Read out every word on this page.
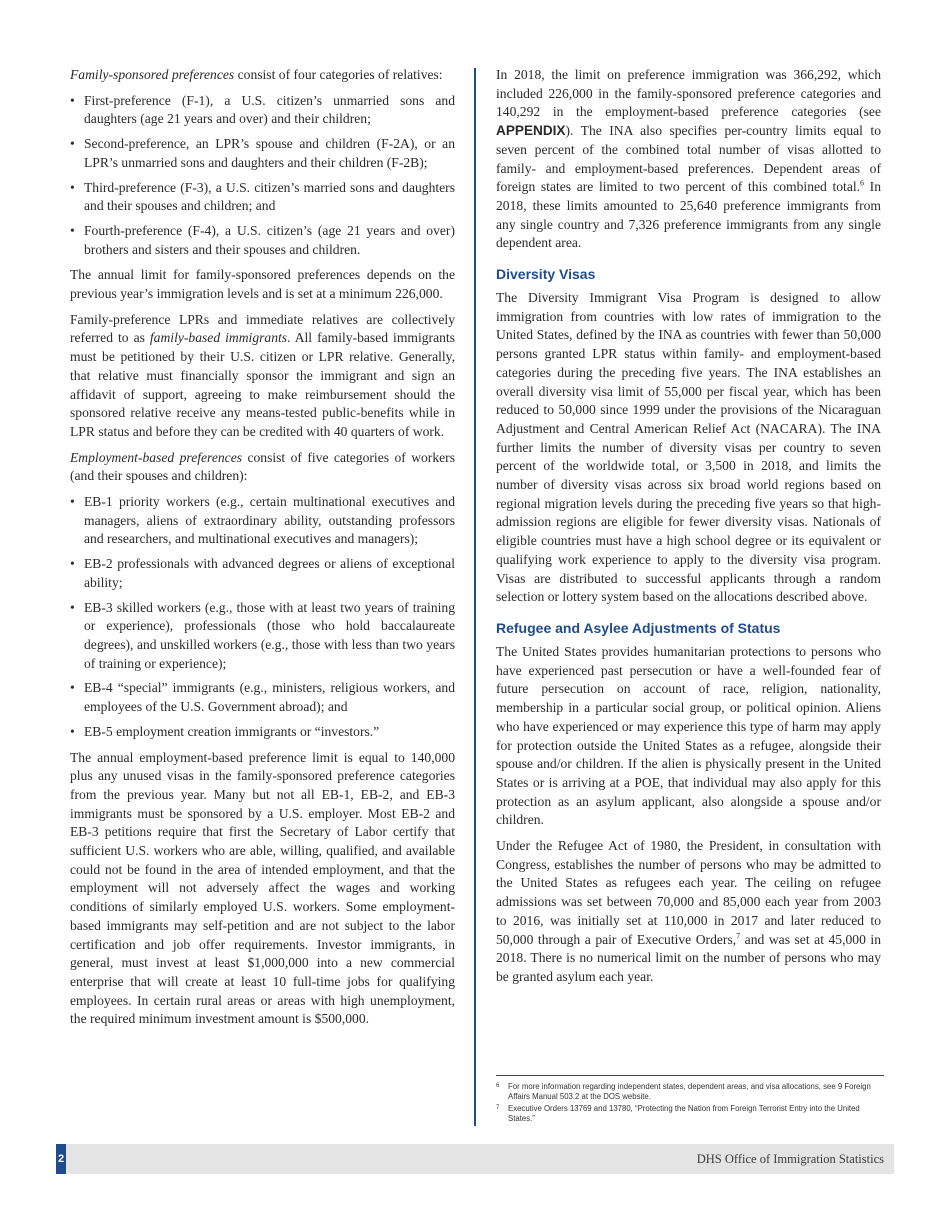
Family-sponsored preferences consist of four categories of relatives:

• First-preference (F-1), a U.S. citizen’s unmarried sons and daughters (age 21 years and over) and their children;
• Second-preference, an LPR’s spouse and children (F-2A), or an LPR’s unmarried sons and daughters and their children (F-2B);
• Third-preference (F-3), a U.S. citizen’s married sons and daughters and their spouses and children; and
• Fourth-preference (F-4), a U.S. citizen’s (age 21 years and over) brothers and sisters and their spouses and children.

The annual limit for family-sponsored preferences depends on the previous year’s immigration levels and is set at a minimum 226,000.

Family-preference LPRs and immediate relatives are collectively referred to as family-based immigrants. All family-based immigrants must be petitioned by their U.S. citizen or LPR relative. Generally, that relative must financially sponsor the immigrant and sign an affidavit of support, agreeing to make reimbursement should the sponsored relative receive any means-tested public-benefits while in LPR status and before they can be credited with 40 quarters of work.

Employment-based preferences consist of five categories of workers (and their spouses and children):

• EB-1 priority workers (e.g., certain multinational executives and managers, aliens of extraordinary ability, outstanding professors and researchers, and multinational executives and managers);
• EB-2 professionals with advanced degrees or aliens of exceptional ability;
• EB-3 skilled workers (e.g., those with at least two years of training or experience), professionals (those who hold baccalaureate degrees), and unskilled workers (e.g., those with less than two years of training or experience);
• EB-4 “special” immigrants (e.g., ministers, religious workers, and employees of the U.S. Government abroad); and
• EB-5 employment creation immigrants or “investors.”

The annual employment-based preference limit is equal to 140,000 plus any unused visas in the family-sponsored preference categories from the previous year. Many but not all EB-1, EB-2, and EB-3 immigrants must be sponsored by a U.S. employer. Most EB-2 and EB-3 petitions require that first the Secretary of Labor certify that sufficient U.S. workers who are able, willing, qualified, and available could not be found in the area of intended employment, and that the employment will not adversely affect the wages and working conditions of similarly employed U.S. workers. Some employment-based immigrants may self-petition and are not subject to the labor certification and job offer requirements. Investor immigrants, in general, must invest at least $1,000,000 into a new commercial enterprise that will create at least 10 full-time jobs for qualifying employees. In certain rural areas or areas with high unemployment, the required minimum investment amount is $500,000.

In 2018, the limit on preference immigration was 366,292, which included 226,000 in the family-sponsored preference categories and 140,292 in the employment-based preference categories (see APPENDIX). The INA also specifies per-country limits equal to seven percent of the combined total number of visas allotted to family- and employment-based preferences. Dependent areas of foreign states are limited to two percent of this combined total.$^6$ In 2018, these limits amounted to 25,640 preference immigrants from any single country and 7,326 preference immigrants from any single dependent area.

Diversity Visas

The Diversity Immigrant Visa Program is designed to allow immigration from countries with low rates of immigration to the United States, defined by the INA as countries with fewer than 50,000 persons granted LPR status within family- and employment-based categories during the preceding five years. The INA establishes an overall diversity visa limit of 55,000 per fiscal year, which has been reduced to 50,000 since 1999 under the provisions of the Nicaraguan Adjustment and Central American Relief Act (NACARA). The INA further limits the number of diversity visas per country to seven percent of the worldwide total, or 3,500 in 2018, and limits the number of diversity visas across six broad world regions based on regional migration levels during the preceding five years so that high-admission regions are eligible for fewer diversity visas. Nationals of eligible countries must have a high school degree or its equivalent or qualifying work experience to apply to the diversity visa program. Visas are distributed to successful applicants through a random selection or lottery system based on the allocations described above.

Refugee and Asylee Adjustments of Status

The United States provides humanitarian protections to persons who have experienced past persecution or have a well-founded fear of future persecution on account of race, religion, nationality, membership in a particular social group, or political opinion. Aliens who have experienced or may experience this type of harm may apply for protection outside the United States as a refugee, alongside their spouse and/or children. If the alien is physically present in the United States or is arriving at a POE, that individual may also apply for this protection as an asylum applicant, also alongside a spouse and/or children.

Under the Refugee Act of 1980, the President, in consultation with Congress, establishes the number of persons who may be admitted to the United States as refugees each year. The ceiling on refugee admissions was set between 70,000 and 85,000 each year from 2003 to 2016, was initially set at 110,000 in 2017 and later reduced to 50,000 through a pair of Executive Orders,$^7$ and was set at 45,000 in 2018. There is no numerical limit on the number of persons who may be granted asylum each year.

6 For more information regarding independent states, dependent areas, and visa allocations, see 9 Foreign Affairs Manual 503.2 at the DOS website.
7 Executive Orders 13769 and 13780, “Protecting the Nation from Foreign Terrorist Entry into the United States.”
2	DHS Office of Immigration Statistics
